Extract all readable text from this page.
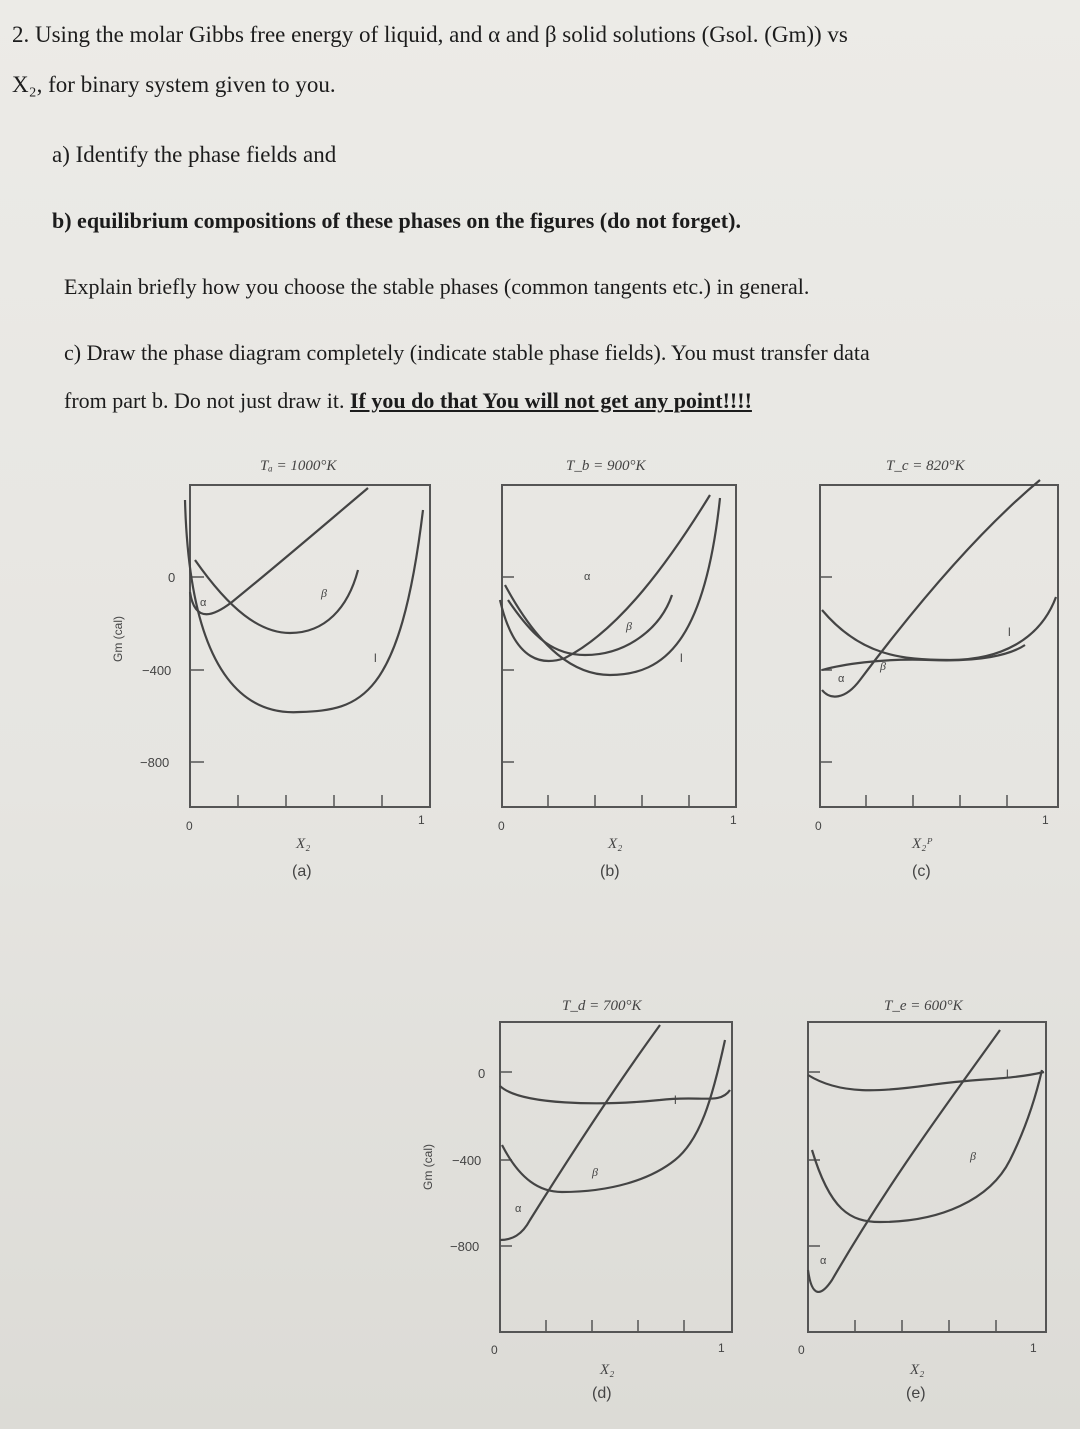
2. Using the molar Gibbs free energy of liquid, and α and β solid solutions (Gsol. (Gm)) vs
X₂, for binary system given to you.
a) Identify the phase fields and
b) equilibrium compositions of these phases on the figures (do not forget).
Explain briefly how you choose the stable phases (common tangents etc.) in general.
c) Draw the phase diagram completely (indicate stable phase fields). You must transfer data
from part b. Do not just draw it. If you do that You will not get any point!!!!
Tₐ = 1000°K
0
−400
−800
Gm (cal)
0	1
X₂
(a)
α
β
l
T_b = 900°K
0	1
X₂
(b)
α
β
l
T_c = 820°K
0	1
X₂ᴾ
(c)
α
β
l
T_d = 700°K
0
−400
−800
Gm (cal)
0	1
X₂
(d)
α
β
l
T_e = 600°K
0	1
X₂
(e)
α
β
l
